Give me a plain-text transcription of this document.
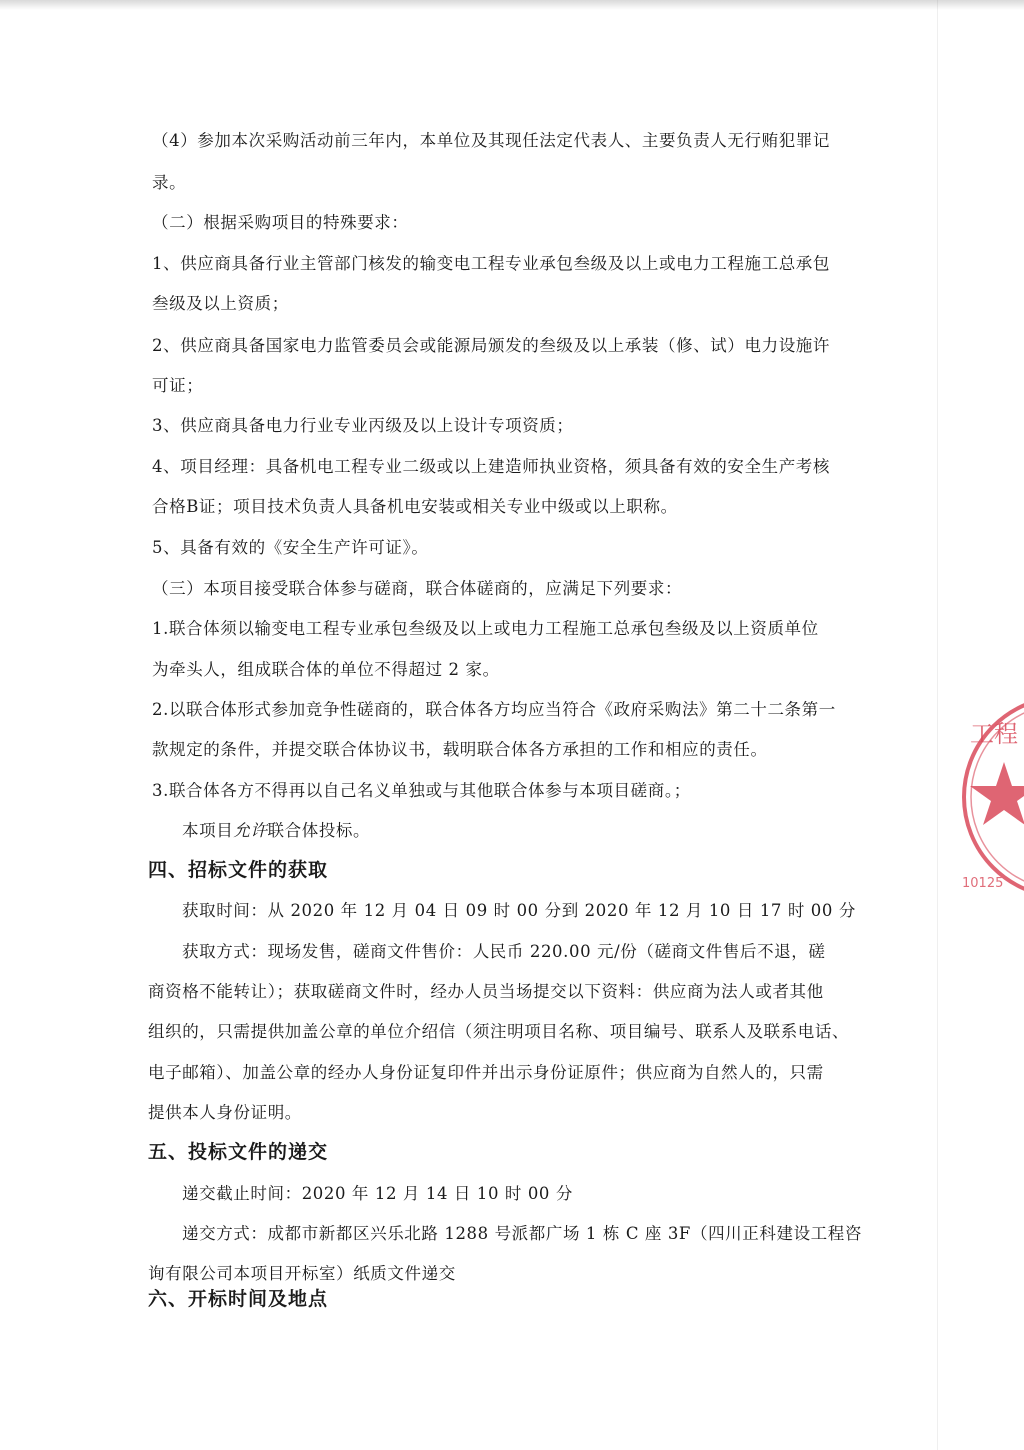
（4）参加本次采购活动前三年内，本单位及其现任法定代表人、主要负责人无行贿犯罪记
录。
（二）根据采购项目的特殊要求：
1、供应商具备行业主管部门核发的输变电工程专业承包叁级及以上或电力工程施工总承包
叁级及以上资质；
2、供应商具备国家电力监管委员会或能源局颁发的叁级及以上承装（修、试）电力设施许
可证；
3、供应商具备电力行业专业丙级及以上设计专项资质；
4、项目经理：具备机电工程专业二级或以上建造师执业资格，须具备有效的安全生产考核
合格B证；项目技术负责人具备机电安装或相关专业中级或以上职称。
5、具备有效的《安全生产许可证》。
（三）本项目接受联合体参与磋商，联合体磋商的，应满足下列要求：
1.联合体须以输变电工程专业承包叁级及以上或电力工程施工总承包叁级及以上资质单位
为牵头人，组成联合体的单位不得超过 2 家。
2.以联合体形式参加竞争性磋商的，联合体各方均应当符合《政府采购法》第二十二条第一
款规定的条件，并提交联合体协议书，载明联合体各方承担的工作和相应的责任。
3.联合体各方不得再以自己名义单独或与其他联合体参与本项目磋商。；
本项目允许联合体投标。
四、招标文件的获取
获取时间：从 2020 年 12 月 04 日 09 时 00 分到 2020 年 12 月 10 日 17 时 00 分
获取方式：现场发售，磋商文件售价：人民币 220.00 元/份（磋商文件售后不退，磋
商资格不能转让）；获取磋商文件时，经办人员当场提交以下资料：供应商为法人或者其他
组织的，只需提供加盖公章的单位介绍信（须注明项目名称、项目编号、联系人及联系电话、
电子邮箱）、加盖公章的经办人身份证复印件并出示身份证原件；供应商为自然人的，只需
提供本人身份证明。
五、投标文件的递交
递交截止时间：2020 年 12 月 14 日 10 时 00 分
递交方式：成都市新都区兴乐北路 1288 号派都广场 1 栋 C 座 3F（四川正科建设工程咨
询有限公司本项目开标室）纸质文件递交
六、开标时间及地点
工程
10125
